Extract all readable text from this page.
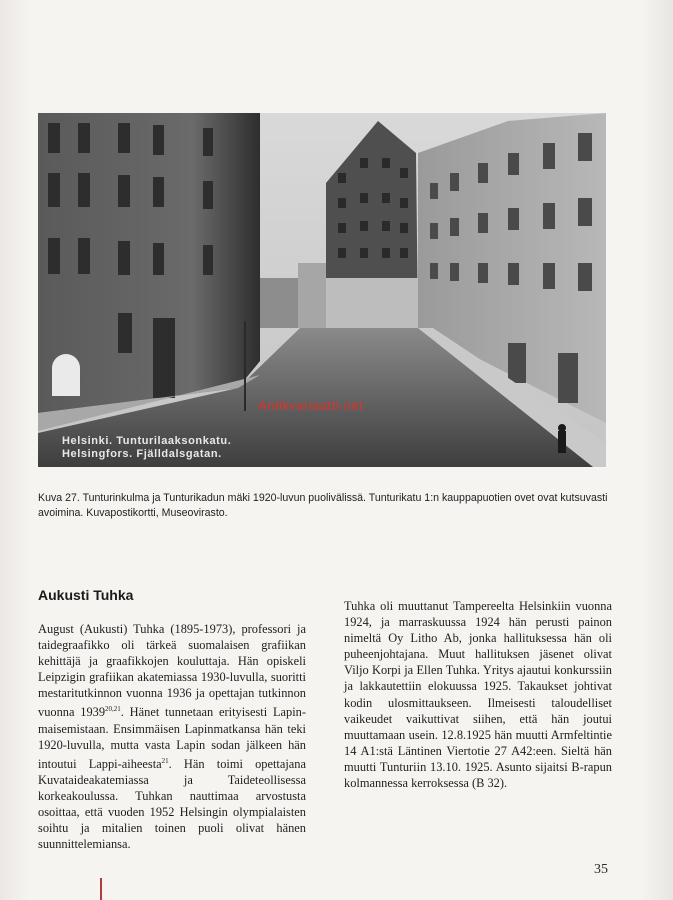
Helsinki. Tunturilaaksonkatu.
Helsingfors. Fjälldalsgatan.
Antikvariaatti.net
Kuva 27. Tunturinkulma ja Tunturikadun mäki 1920-luvun puolivälissä. Tunturikatu 1:n kauppapuotien ovet ovat kutsuvasti avoimina. Kuvapostikortti, Museovirasto.
Aukusti Tuhka
August (Aukusti) Tuhka (1895-1973), professori ja taidegraafikko oli tärkeä suomalaisen grafiikan kehittäjä ja graafikkojen kouluttaja. Hän opiskeli Leipzigin grafiikan akatemiassa 1930-luvulla, suoritti mestaritutkinnon vuonna 1936 ja opettajan tutkinnon vuonna 1939$^{20,21}$. Hänet tunnetaan erityisesti Lapin-maisemistaan. Ensimmäisen Lapinmatkansa hän teki 1920-luvulla, mutta vasta Lapin sodan jälkeen hän intoutui Lappi-aiheesta$^{21}$. Hän toimi opettajana Kuvataideakatemiassa ja Taideteollisessa korkeakoulussa. Tuhkan nauttimaa arvostusta osoittaa, että vuoden 1952 Helsingin olympialaisten soihtu ja mitalien toinen puoli olivat hänen suunnittelemiansa.
Tuhka oli muuttanut Tampereelta Helsinkiin vuonna 1924, ja marraskuussa 1924 hän perusti painon nimeltä Oy Litho Ab, jonka hallituksessa hän oli puheenjohtajana. Muut hallituksen jäsenet olivat Viljo Korpi ja Ellen Tuhka. Yritys ajautui konkurssiin ja lakkautettiin elokuussa 1925. Takaukset johtivat kodin ulosmittaukseen. Ilmeisesti taloudelliset vaikeudet vaikuttivat siihen, että hän joutui muuttamaan usein. 12.8.1925 hän muutti Armfeltintie 14 A1:stä Läntinen Viertotie 27 A42:een. Sieltä hän muutti Tunturiin 13.10. 1925. Asunto sijaitsi B-rapun kolmannessa kerroksessa (B 32).
35
